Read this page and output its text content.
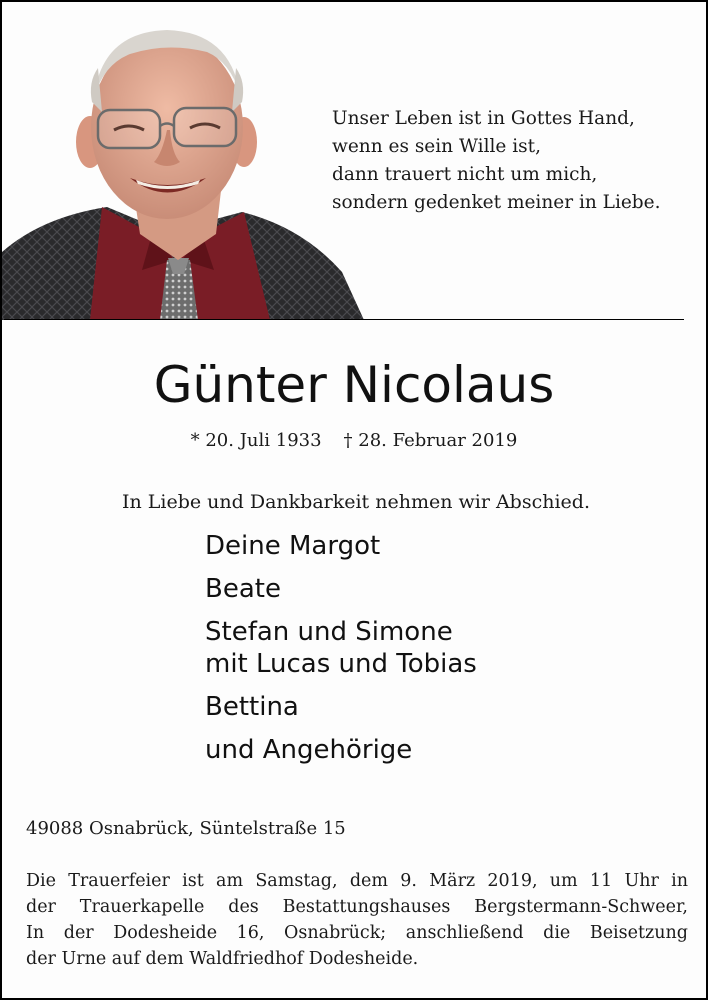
Unser Leben ist in Gottes Hand,
wenn es sein Wille ist,
dann trauert nicht um mich,
sondern gedenket meiner in Liebe.
Günter Nicolaus
* 20. Juli 1933 † 28. Februar 2019
In Liebe und Dankbarkeit nehmen wir Abschied.
Deine Margot
Beate
Stefan und Simone
mit Lucas und Tobias
Bettina
und Angehörige
49088 Osnabrück, Süntelstraße 15
Die Trauerfeier ist am Samstag, dem 9. März 2019, um 11 Uhr in
der Trauerkapelle des Bestattungshauses Bergstermann-Schweer,
In der Dodesheide 16, Osnabrück; anschließend die Beisetzung
der Urne auf dem Waldfriedhof Dodesheide.
